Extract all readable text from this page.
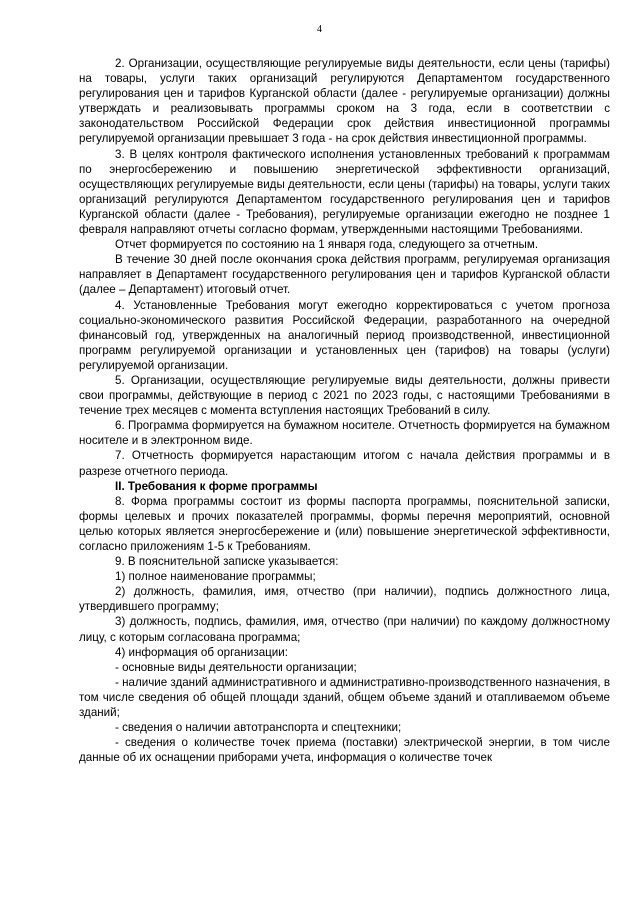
4

2. Организации, осуществляющие регулируемые виды деятельности, если цены (тарифы) на товары, услуги таких организаций регулируются Департаментом государственного регулирования цен и тарифов Курганской области (далее - регулируемые организации) должны утверждать и реализовывать программы сроком на 3 года, если в соответствии с законодательством Российской Федерации срок действия инвестиционной программы регулируемой организации превышает 3 года - на срок действия инвестиционной программы.

3. В целях контроля фактического исполнения установленных требований к программам по энергосбережению и повышению энергетической эффективности организаций, осуществляющих регулируемые виды деятельности, если цены (тарифы) на товары, услуги таких организаций регулируются Департаментом государственного регулирования цен и тарифов Курганской области (далее - Требования), регулируемые организации ежегодно не позднее 1 февраля направляют отчеты согласно формам, утвержденными настоящими Требованиями.

Отчет формируется по состоянию на 1 января года, следующего за отчетным.

В течение 30 дней после окончания срока действия программ, регулируемая организация направляет в Департамент государственного регулирования цен и тарифов Курганской области (далее – Департамент) итоговый отчет.

4. Установленные Требования могут ежегодно корректироваться с учетом прогноза социально-экономического развития Российской Федерации, разработанного на очередной финансовый год, утвержденных на аналогичный период производственной, инвестиционной программ регулируемой организации и установленных цен (тарифов) на товары (услуги) регулируемой организации.

5. Организации, осуществляющие регулируемые виды деятельности, должны привести свои программы, действующие в период с 2021 по 2023 годы, с настоящими Требованиями в течение трех месяцев с момента вступления настоящих Требований в силу.

6. Программа формируется на бумажном носителе. Отчетность формируется на бумажном носителе и в электронном виде.

7. Отчетность формируется нарастающим итогом с начала действия программы и в разрезе отчетного периода.

II. Требования к форме программы

8. Форма программы состоит из формы паспорта программы, пояснительной записки, формы целевых и прочих показателей программы, формы перечня мероприятий, основной целью которых является энергосбережение и (или) повышение энергетической эффективности, согласно приложениям 1-5 к Требованиям.

9. В пояснительной записке указывается:

1) полное наименование программы;

2) должность, фамилия, имя, отчество (при наличии), подпись должностного лица, утвердившего программу;

3) должность, подпись, фамилия, имя, отчество (при наличии) по каждому должностному лицу, с которым согласована программа;

4) информация об организации:

- основные виды деятельности организации;

- наличие зданий административного и административно-производственного назначения, в том числе сведения об общей площади зданий, общем объеме зданий и отапливаемом объеме зданий;

- сведения о наличии автотранспорта и спецтехники;

- сведения о количестве точек приема (поставки) электрической энергии, в том числе данные об их оснащении приборами учета, информация о количестве точек
